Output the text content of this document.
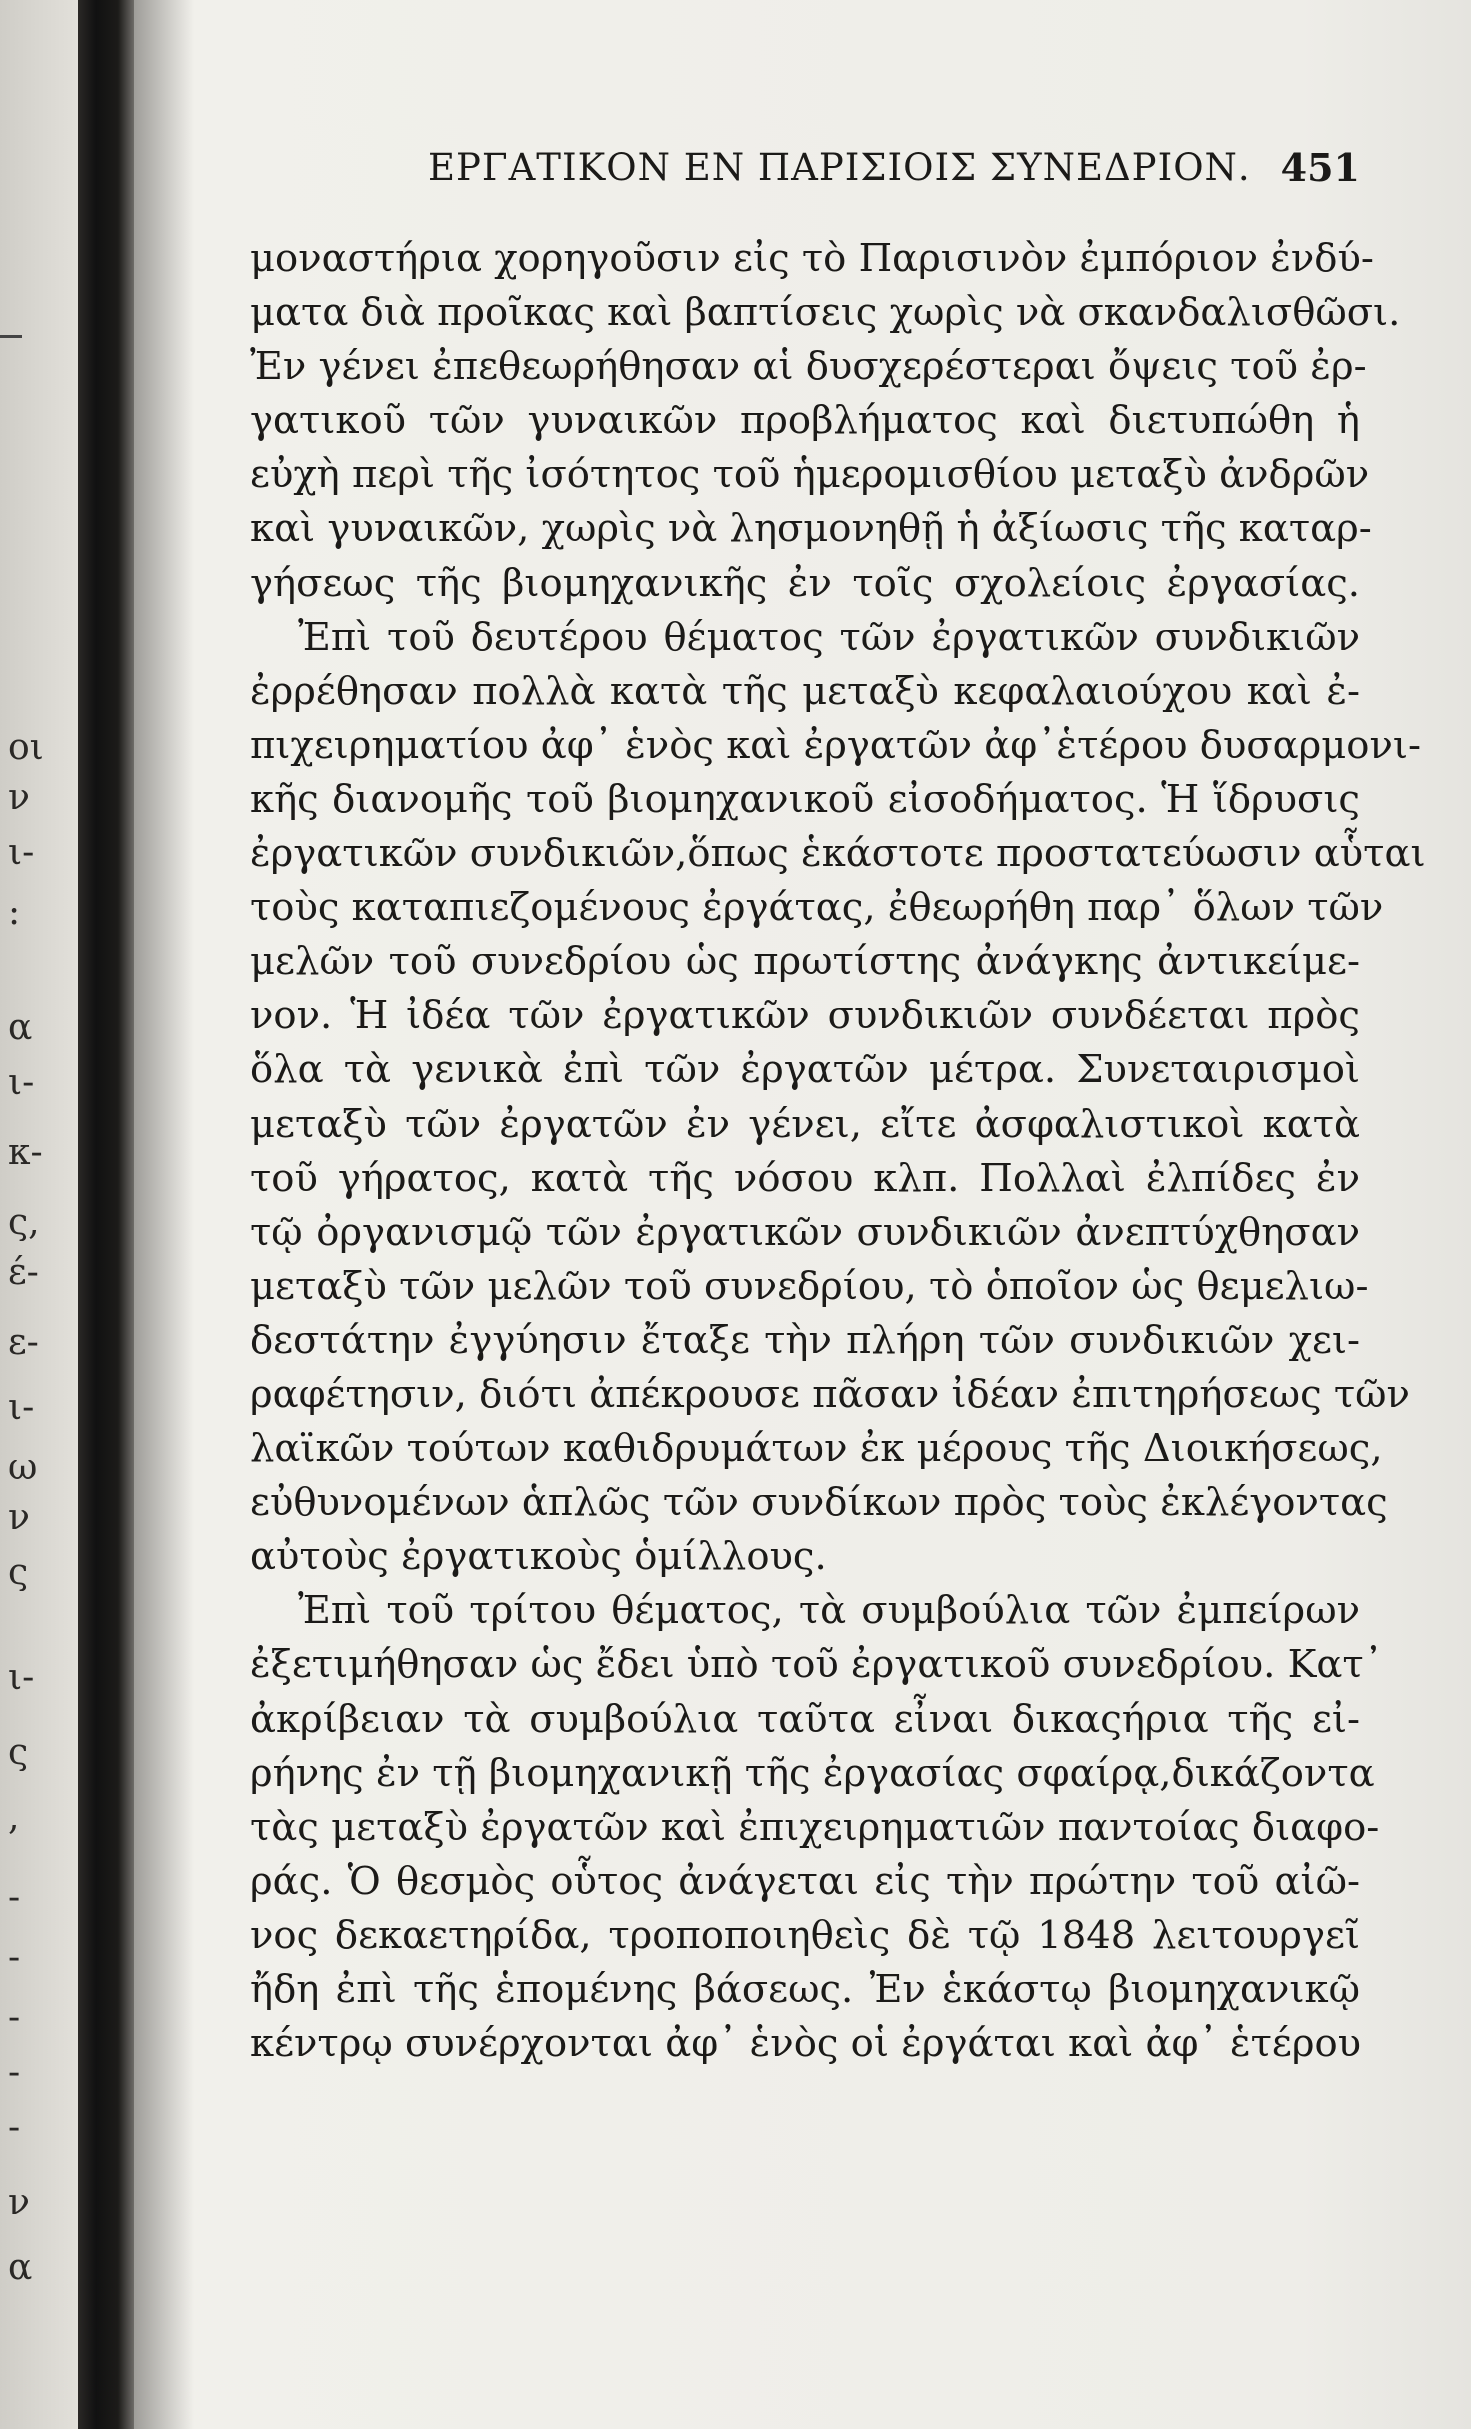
οι
ν
ι-
:
α
ι-
κ-
ς,
έ-
ε-
ι-
ω
ν
ς
ι-
ς
,
-
-
-
-
-
ν
α
ΕΡΓΑΤΙΚΟΝ ΕΝ ΠΑΡΙΣΙΟΙΣ ΣΥΝΕΔΡΙΟΝ. 451
μοναστήρια χορηγοῦσιν εἰς τὸ Παρισινὸν ἐμπόριον ἐνδύ-
ματα διὰ προῖκας καὶ βαπτίσεις χωρὶς νὰ σκανδαλισθῶσι.
Ἐν γένει ἐπεθεωρήθησαν αἱ δυσχερέστεραι ὄψεις τοῦ ἐρ-
γατικοῦ τῶν γυναικῶν προβλήματος καὶ διετυπώθη ἡ
εὐχὴ περὶ τῆς ἰσότητος τοῦ ἡμερομισθίου μεταξὺ ἀνδρῶν
καὶ γυναικῶν, χωρὶς νὰ λησμονηθῇ ἡ ἀξίωσις τῆς καταρ-
γήσεως τῆς βιομηχανικῆς ἐν τοῖς σχολείοις ἐργασίας.
Ἐπὶ τοῦ δευτέρου θέματος τῶν ἐργατικῶν συνδικιῶν
ἐρρέθησαν πολλὰ κατὰ τῆς μεταξὺ κεφαλαιούχου καὶ ἐ-
πιχειρηματίου ἀφ᾽ ἑνὸς καὶ ἐργατῶν ἀφ᾽ἑτέρου δυσαρμονι-
κῆς διανομῆς τοῦ βιομηχανικοῦ εἰσοδήματος. Ἡ ἵδρυσις
ἐργατικῶν συνδικιῶν,ὅπως ἑκάστοτε προστατεύωσιν αὗται
τοὺς καταπιεζομένους ἐργάτας, ἐθεωρήθη παρ᾽ ὅλων τῶν
μελῶν τοῦ συνεδρίου ὡς πρωτίστης ἀνάγκης ἀντικείμε-
νον. Ἡ ἰδέα τῶν ἐργατικῶν συνδικιῶν συνδέεται πρὸς
ὅλα τὰ γενικὰ ἐπὶ τῶν ἐργατῶν μέτρα. Συνεταιρισμοὶ
μεταξὺ τῶν ἐργατῶν ἐν γένει, εἴτε ἀσφαλιστικοὶ κατὰ
τοῦ γήρατος, κατὰ τῆς νόσου κλπ. Πολλαὶ ἐλπίδες ἐν
τῷ ὀργανισμῷ τῶν ἐργατικῶν συνδικιῶν ἀνεπτύχθησαν
μεταξὺ τῶν μελῶν τοῦ συνεδρίου, τὸ ὁποῖον ὡς θεμελιω-
δεστάτην ἐγγύησιν ἔταξε τὴν πλήρη τῶν συνδικιῶν χει-
ραφέτησιν, διότι ἀπέκρουσε πᾶσαν ἰδέαν ἐπιτηρήσεως τῶν
λαϊκῶν τούτων καθιδρυμάτων ἐκ μέρους τῆς Διοικήσεως,
εὐθυνομένων ἁπλῶς τῶν συνδίκων πρὸς τοὺς ἐκλέγοντας
αὐτοὺς ἐργατικοὺς ὁμίλλους.
Ἐπὶ τοῦ τρίτου θέματος, τὰ συμβούλια τῶν ἐμπείρων
ἐξετιμήθησαν ὡς ἔδει ὑπὸ τοῦ ἐργατικοῦ συνεδρίου. Κατ᾽
ἀκρίβειαν τὰ συμβούλια ταῦτα εἶναι δικαςήρια τῆς εἰ-
ρήνης ἐν τῇ βιομηχανικῇ τῆς ἐργασίας σφαίρᾳ,δικάζοντα
τὰς μεταξὺ ἐργατῶν καὶ ἐπιχειρηματιῶν παντοίας διαφο-
ράς. Ὁ θεσμὸς οὗτος ἀνάγεται εἰς τὴν πρώτην τοῦ αἰῶ-
νος δεκαετηρίδα, τροποποιηθεὶς δὲ τῷ 1848 λειτουργεῖ
ἤδη ἐπὶ τῆς ἑπομένης βάσεως. Ἐν ἑκάστῳ βιομηχανικῷ
κέντρῳ συνέρχονται ἀφ᾽ ἑνὸς οἱ ἐργάται καὶ ἀφ᾽ ἑτέρου
